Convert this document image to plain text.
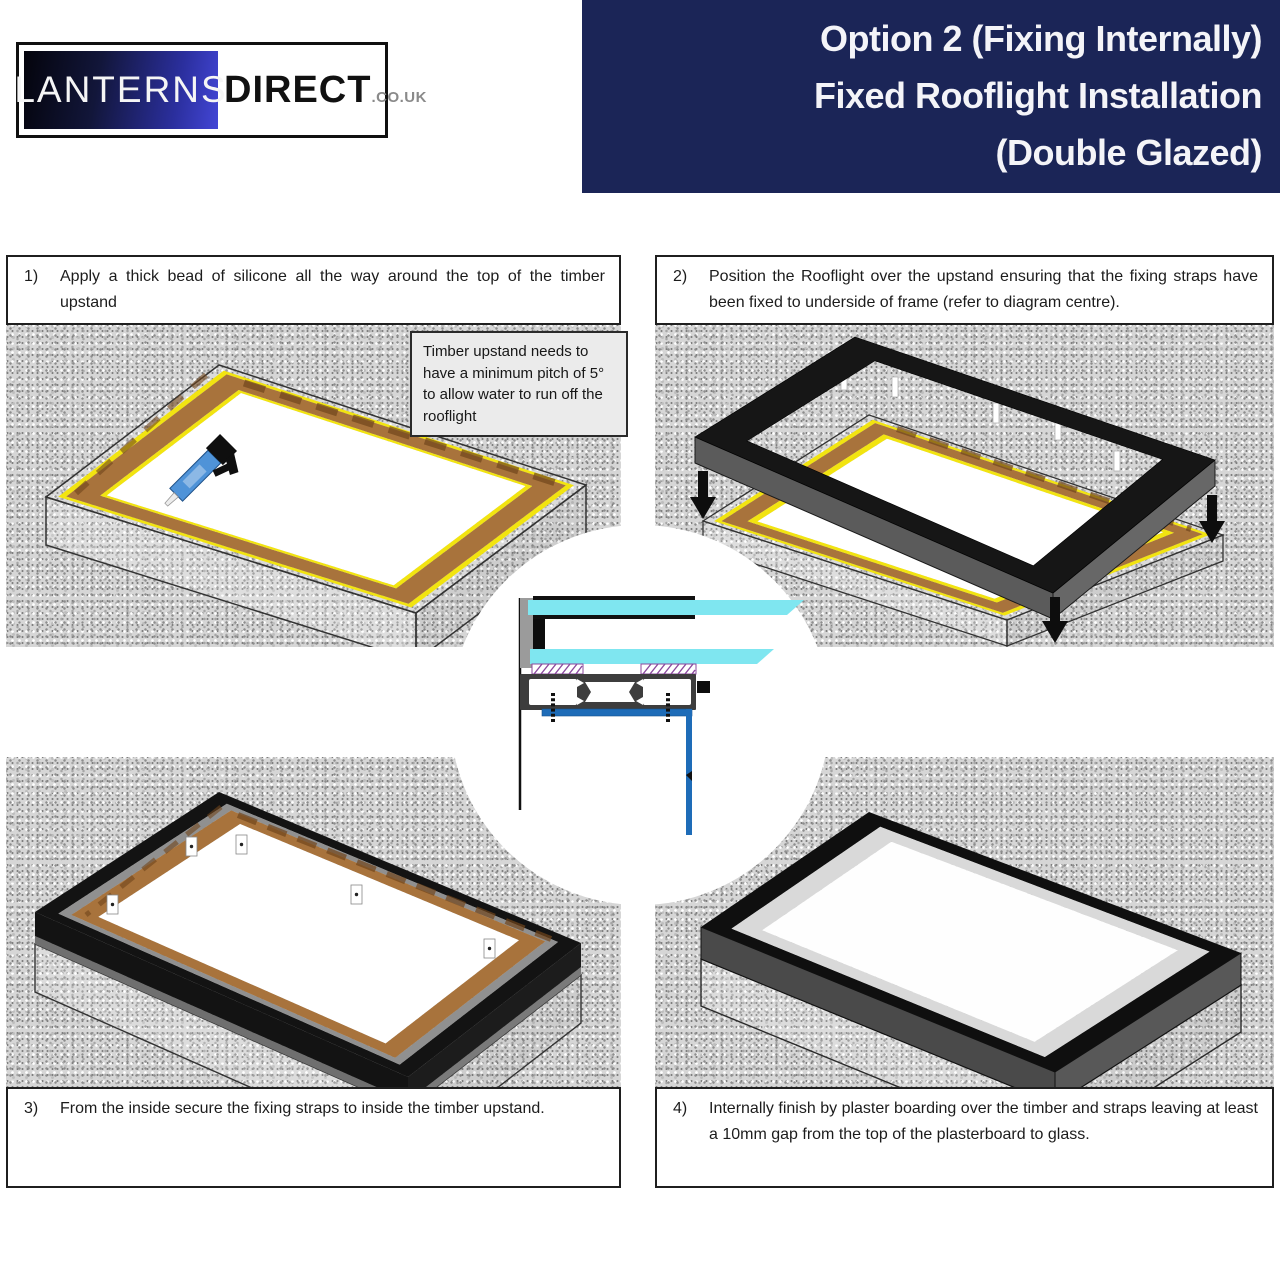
LANTERNS
DIRECT .CO.UK
Option 2 (Fixing Internally)
Fixed Rooflight Installation
(Double Glazed)
1)	Apply a thick bead of silicone all the way around the top of the timber upstand
2)	Position the Rooflight over the upstand ensuring that the fixing straps have been fixed to underside of frame (refer to diagram centre).
Timber upstand needs to have a minimum pitch of 5° to allow water to run off the rooflight
3)	From the inside secure the fixing straps to inside the timber upstand.	4)	Internally finish by plaster boarding over the timber and straps leaving at least a 10mm gap from the top of the plasterboard to glass.
